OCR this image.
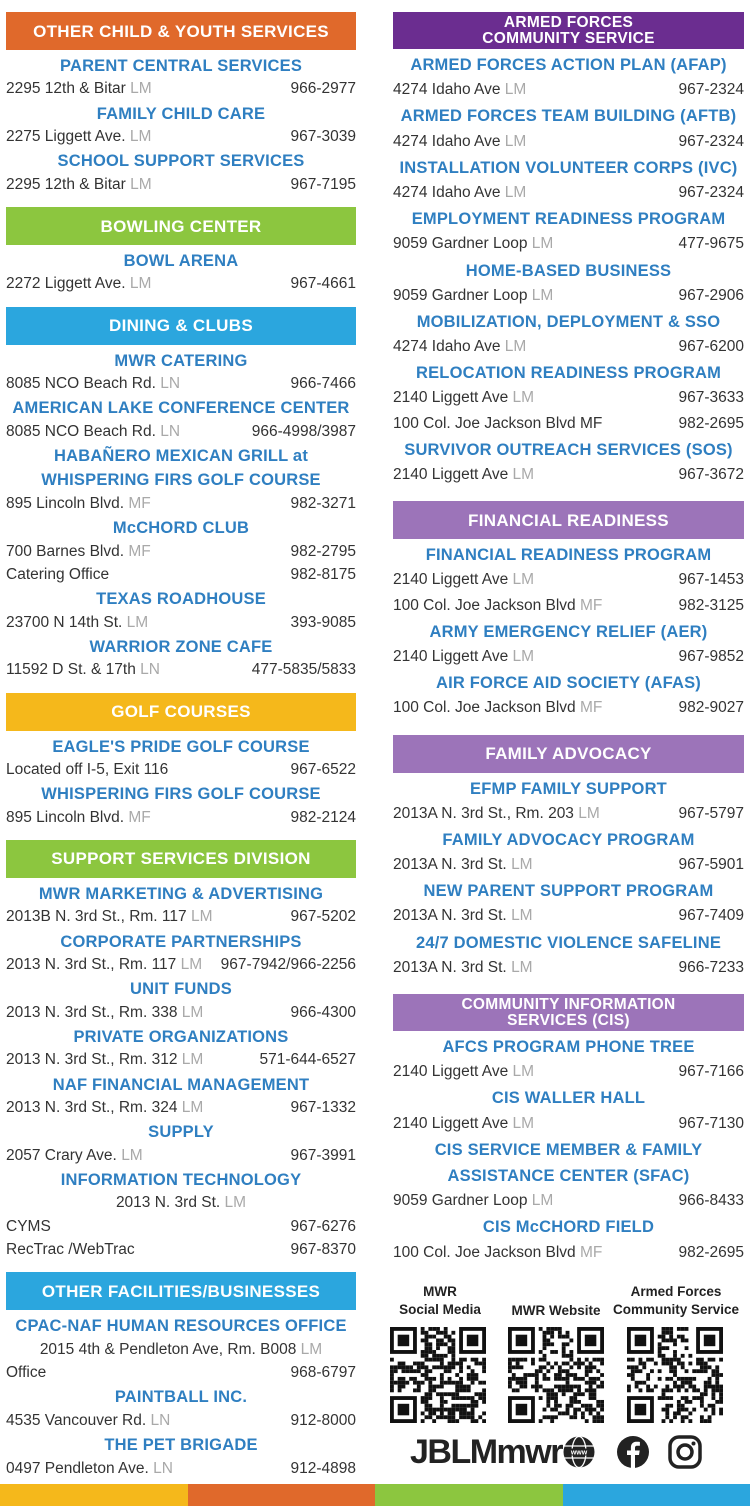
OTHER CHILD & YOUTH SERVICES
PARENT CENTRAL SERVICES
2295 12th & Bitar LM	966-2977
FAMILY CHILD CARE
2275 Liggett Ave. LM	967-3039
SCHOOL SUPPORT SERVICES
2295 12th & Bitar LM	967-7195
BOWLING CENTER
BOWL ARENA
2272 Liggett Ave. LM	967-4661
DINING & CLUBS
MWR CATERING
8085 NCO Beach Rd. LN	966-7466
AMERICAN LAKE CONFERENCE CENTER
8085 NCO Beach Rd. LN	966-4998/3987
HABAÑERO MEXICAN GRILL at
WHISPERING FIRS GOLF COURSE
895 Lincoln Blvd. MF	982-3271
McCHORD CLUB
700 Barnes Blvd. MF	982-2795
Catering Office	982-8175
TEXAS ROADHOUSE
23700 N 14th St. LM	393-9085
WARRIOR ZONE CAFE
11592 D St. & 17th LN	477-5835/5833
GOLF COURSES
EAGLE'S PRIDE GOLF COURSE
Located off I-5, Exit 116	967-6522
WHISPERING FIRS GOLF COURSE
895 Lincoln Blvd. MF	982-2124
SUPPORT SERVICES DIVISION
MWR MARKETING & ADVERTISING
2013B N. 3rd St., Rm. 117 LM	967-5202
CORPORATE PARTNERSHIPS
2013 N. 3rd St., Rm. 117 LM 967-7942/966-2256
UNIT FUNDS
2013 N. 3rd St., Rm. 338 LM	966-4300
PRIVATE ORGANIZATIONS
2013 N. 3rd St., Rm. 312 LM	571-644-6527
NAF FINANCIAL MANAGEMENT
2013 N. 3rd St., Rm. 324 LM	967-1332
SUPPLY
2057 Crary Ave. LM	967-3991
INFORMATION TECHNOLOGY
2013 N. 3rd St. LM
CYMS	967-6276
RecTrac /WebTrac	967-8370
OTHER FACILITIES/BUSINESSES
CPAC-NAF HUMAN RESOURCES OFFICE
2015 4th & Pendleton Ave, Rm. B008 LM
Office	968-6797
PAINTBALL INC.
4535 Vancouver Rd. LN	912-8000
THE PET BRIGADE
0497 Pendleton Ave. LN	912-4898
ARMED FORCES
COMMUNITY SERVICE
ARMED FORCES ACTION PLAN (AFAP)
4274 Idaho Ave LM	967-2324
ARMED FORCES TEAM BUILDING (AFTB)
4274 Idaho Ave LM	967-2324
INSTALLATION VOLUNTEER CORPS (IVC)
4274 Idaho Ave LM	967-2324
EMPLOYMENT READINESS PROGRAM
9059 Gardner Loop LM	477-9675
HOME-BASED BUSINESS
9059 Gardner Loop LM	967-2906
MOBILIZATION, DEPLOYMENT & SSO
4274 Idaho Ave LM	967-6200
RELOCATION READINESS PROGRAM
2140 Liggett Ave LM	967-3633
100 Col. Joe Jackson Blvd MF	982-2695
SURVIVOR OUTREACH SERVICES (SOS)
2140 Liggett Ave LM	967-3672
FINANCIAL READINESS
FINANCIAL READINESS PROGRAM
2140 Liggett Ave LM	967-1453
100 Col. Joe Jackson Blvd MF	982-3125
ARMY EMERGENCY RELIEF (AER)
2140 Liggett Ave LM	967-9852
AIR FORCE AID SOCIETY (AFAS)
100 Col. Joe Jackson Blvd MF	982-9027
FAMILY ADVOCACY
EFMP FAMILY SUPPORT
2013A N. 3rd St., Rm. 203 LM	967-5797
FAMILY ADVOCACY PROGRAM
2013A N. 3rd St. LM	967-5901
NEW PARENT SUPPORT PROGRAM
2013A N. 3rd St. LM	967-7409
24/7 DOMESTIC VIOLENCE SAFELINE
2013A N. 3rd St. LM	966-7233
COMMUNITY INFORMATION
SERVICES (CIS)
AFCS PROGRAM PHONE TREE
2140 Liggett Ave LM	967-7166
CIS WALLER HALL
2140 Liggett Ave LM	967-7130
CIS SERVICE MEMBER & FAMILY
ASSISTANCE CENTER (SFAC)
9059 Gardner Loop LM	966-8433
CIS McCHORD FIELD
100 Col. Joe Jackson Blvd MF	982-2695
MWR
Social Media	MWR Website
Armed Forces
Community Service
JBLMmwr www
